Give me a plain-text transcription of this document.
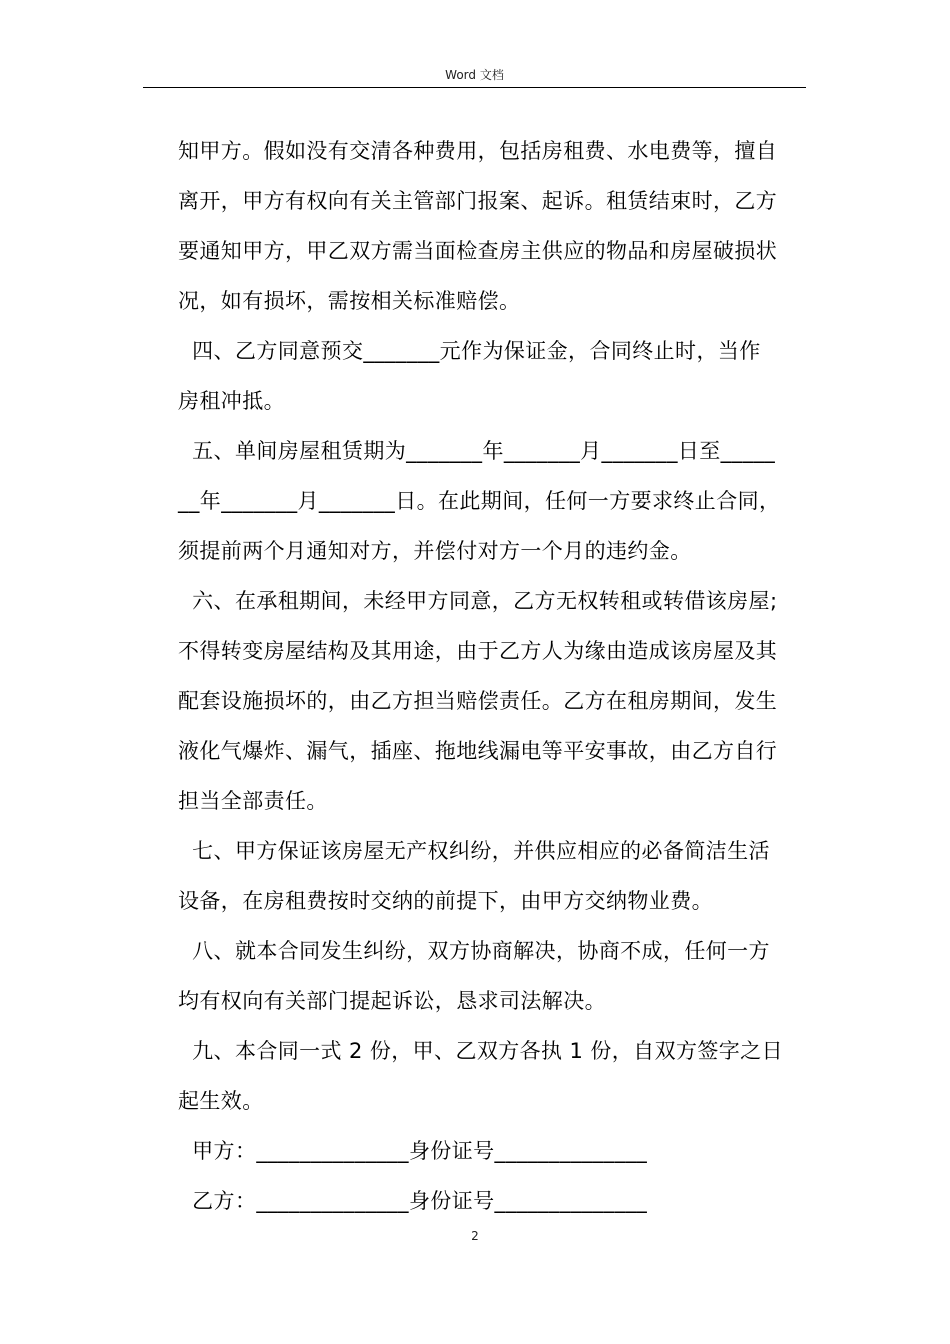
Word 文档
知甲方。假如没有交清各种费用，包括房租费、水电费等，擅自
离开，甲方有权向有关主管部门报案、起诉。租赁结束时，乙方
要通知甲方，甲乙双方需当面检查房主供应的物品和房屋破损状
况，如有损坏，需按相关标准赔偿。
四、乙方同意预交_______元作为保证金，合同终止时，当作
房租冲抵。
五、单间房屋租赁期为_______年_______月_______日至_____
__年_______月_______日。在此期间，任何一方要求终止合同，
须提前两个月通知对方，并偿付对方一个月的违约金。
六、在承租期间，未经甲方同意，乙方无权转租或转借该房屋;
不得转变房屋结构及其用途，由于乙方人为缘由造成该房屋及其
配套设施损坏的，由乙方担当赔偿责任。乙方在租房期间，发生
液化气爆炸、漏气，插座、拖地线漏电等平安事故，由乙方自行
担当全部责任。
七、甲方保证该房屋无产权纠纷，并供应相应的必备简洁生活
设备，在房租费按时交纳的前提下，由甲方交纳物业费。
八、就本合同发生纠纷，双方协商解决，协商不成，任何一方
均有权向有关部门提起诉讼，恳求司法解决。
九、本合同一式 2 份，甲、乙双方各执 1 份，自双方签字之日
起生效。
甲方：______________身份证号______________
乙方：______________身份证号______________
2
